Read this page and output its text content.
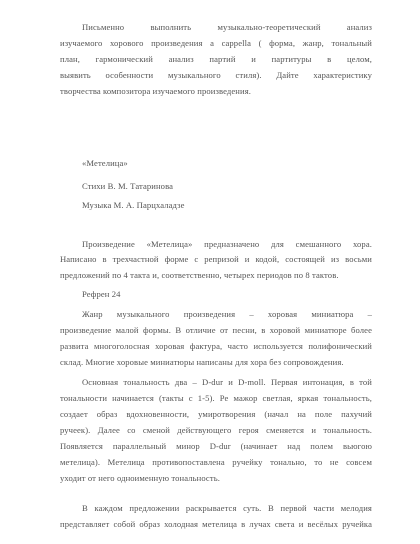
Письменно выполнить музыкально-теоретический анализ
изучаемого хорового произведения а cappella ( форма, жанр, тональный
план, гармонический анализ партий и партитуры в целом,
выявить особенности музыкального стиля). Дайте характеристику
творчества композитора изучаемого произведения.
«Метелица»
Стихи В. М. Татаринова
Музыка М. А. Парцхаладзе
Произведение «Метелица» предназначено для смешанного хора.
Написано в трехчастной форме с репризой и кодой, состоящей из восьми
предложений по 4 такта и, соответственно, четырех периодов по 8 тактов.
Рефрен 24
Жанр музыкального произведения – хоровая миниатюра –
произведение малой формы. В отличие от песни, в хоровой миниатюре более
развита многоголосная хоровая фактура, часто используется полифонический
склад. Многие хоровые миниатюры написаны для хора без сопровождения.
Основная тональность два – D-dur и D-moll. Первая интонация, в той
тональности начинается (такты с 1-5). Ре мажор светлая, яркая тональность,
создает образ вдохновенности, умиротворения (начал на поле пахучий
ручеек). Далее со сменой действующего героя сменяется и тональность.
Появляется параллельный минор D-dur (начинает над полем вьюгою
метелица). Метелица противопоставлена ручейку тонально, то не совсем
уходит от него одноименную тональность.
В каждом предложении раскрывается суть. В первой части мелодия
представляет собой образ холодная метелица в лучах света и весёлых ручейка
